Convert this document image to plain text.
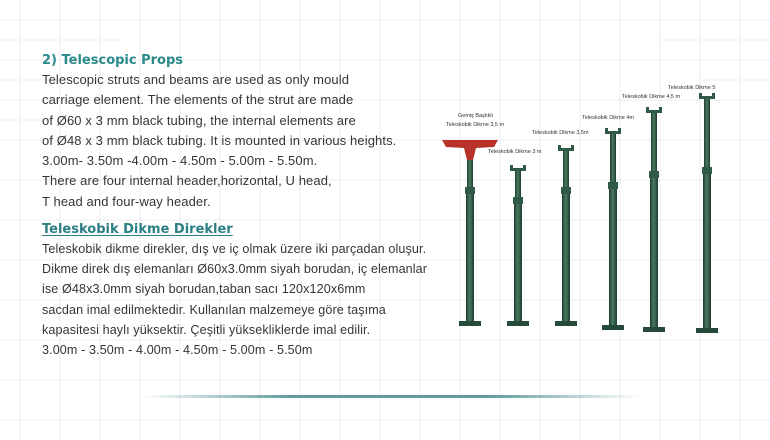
2) Telescopic Props
Telescopic struts and beams are used as only mould
carriage element. The elements of the strut are made
of Ø60 x 3 mm black tubing, the internal elements are
of Ø48 x 3 mm black tubing. It is mounted in various heights.
3.00m- 3.50m -4.00m - 4.50m - 5.00m - 5.50m.
There are four internal header,horizontal, U head,
T head and four-way header.
Teleskobik Dikme Direkler
Teleskobik dikme direkler, dış ve iç olmak üzere iki parçadan oluşur.
Dikme direk dış elemanları Ø60x3.0mm siyah borudan, iç elemanlar
ise Ø48x3.0mm siyah borudan,taban sacı 120x120x6mm
sacdan imal edilmektedir. Kullanılan malzemeye göre taşıma
kapasitesi haylı yüksektir. Çeşitli yüksekliklerde imal edilir.
3.00m - 3.50m - 4.00m - 4.50m - 5.00m - 5.50m
Gemiş Başlıklı
Teleskobik Dikme 3,5 m
Teleskobik Dikme 3 m
Teleskobik Dikme 3,5m
Teleskobik Dikme 4m
Teleskobik Dikme 4,5 m
Teleskobik Dikme 5
